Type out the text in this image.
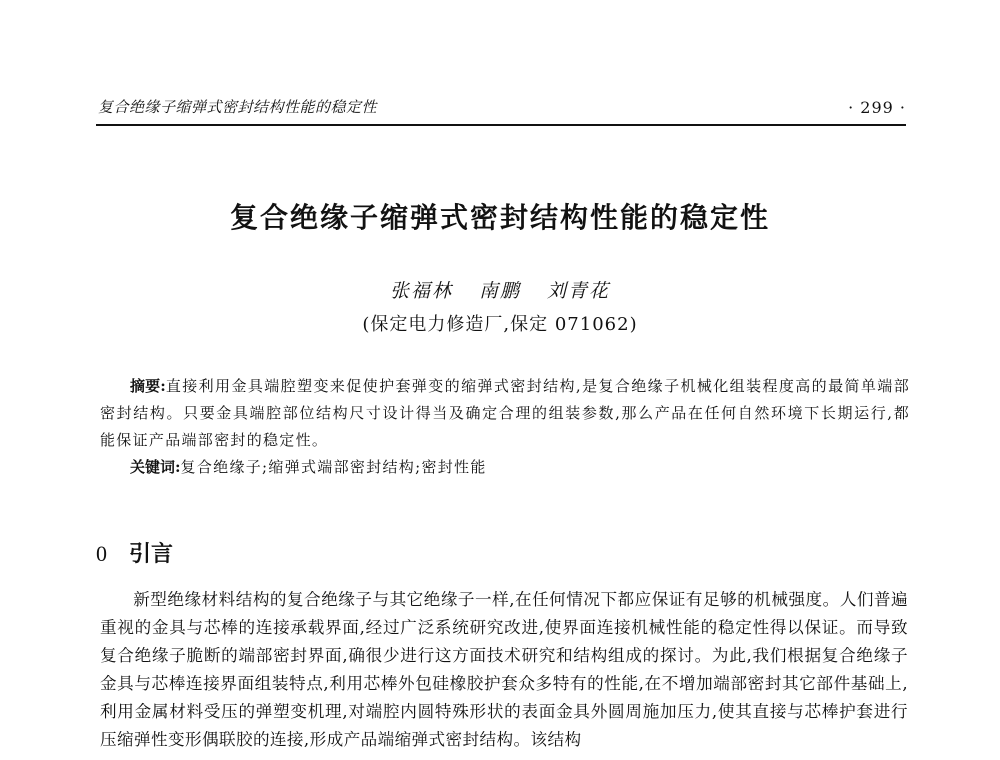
复合绝缘子缩弹式密封结构性能的稳定性	· 299 ·
复合绝缘子缩弹式密封结构性能的稳定性
张福林 南鹏 刘青花
(保定电力修造厂,保定 071062)

摘要:直接利用金具端腔塑变来促使护套弹变的缩弹式密封结构,是复合绝缘子机械化组装程度高的最简单端部密封结构。只要金具端腔部位结构尺寸设计得当及确定合理的组装参数,那么产品在任何自然环境下长期运行,都能保证产品端部密封的稳定性。

关键词:复合绝缘子;缩弹式端部密封结构;密封性能

0 引言

新型绝缘材料结构的复合绝缘子与其它绝缘子一样,在任何情况下都应保证有足够的机械强度。人们普遍重视的金具与芯棒的连接承载界面,经过广泛系统研究改进,使界面连接机械性能的稳定性得以保证。而导致复合绝缘子脆断的端部密封界面,确很少进行这方面技术研究和结构组成的探讨。为此,我们根据复合绝缘子金具与芯棒连接界面组装特点,利用芯棒外包硅橡胶护套众多特有的性能,在不增加端部密封其它部件基础上,利用金属材料受压的弹塑变机理,对端腔内圆特殊形状的表面金具外圆周施加压力,使其直接与芯棒护套进行压缩弹性变形偶联胶的连接,形成产品端缩弹式密封结构。该结构
